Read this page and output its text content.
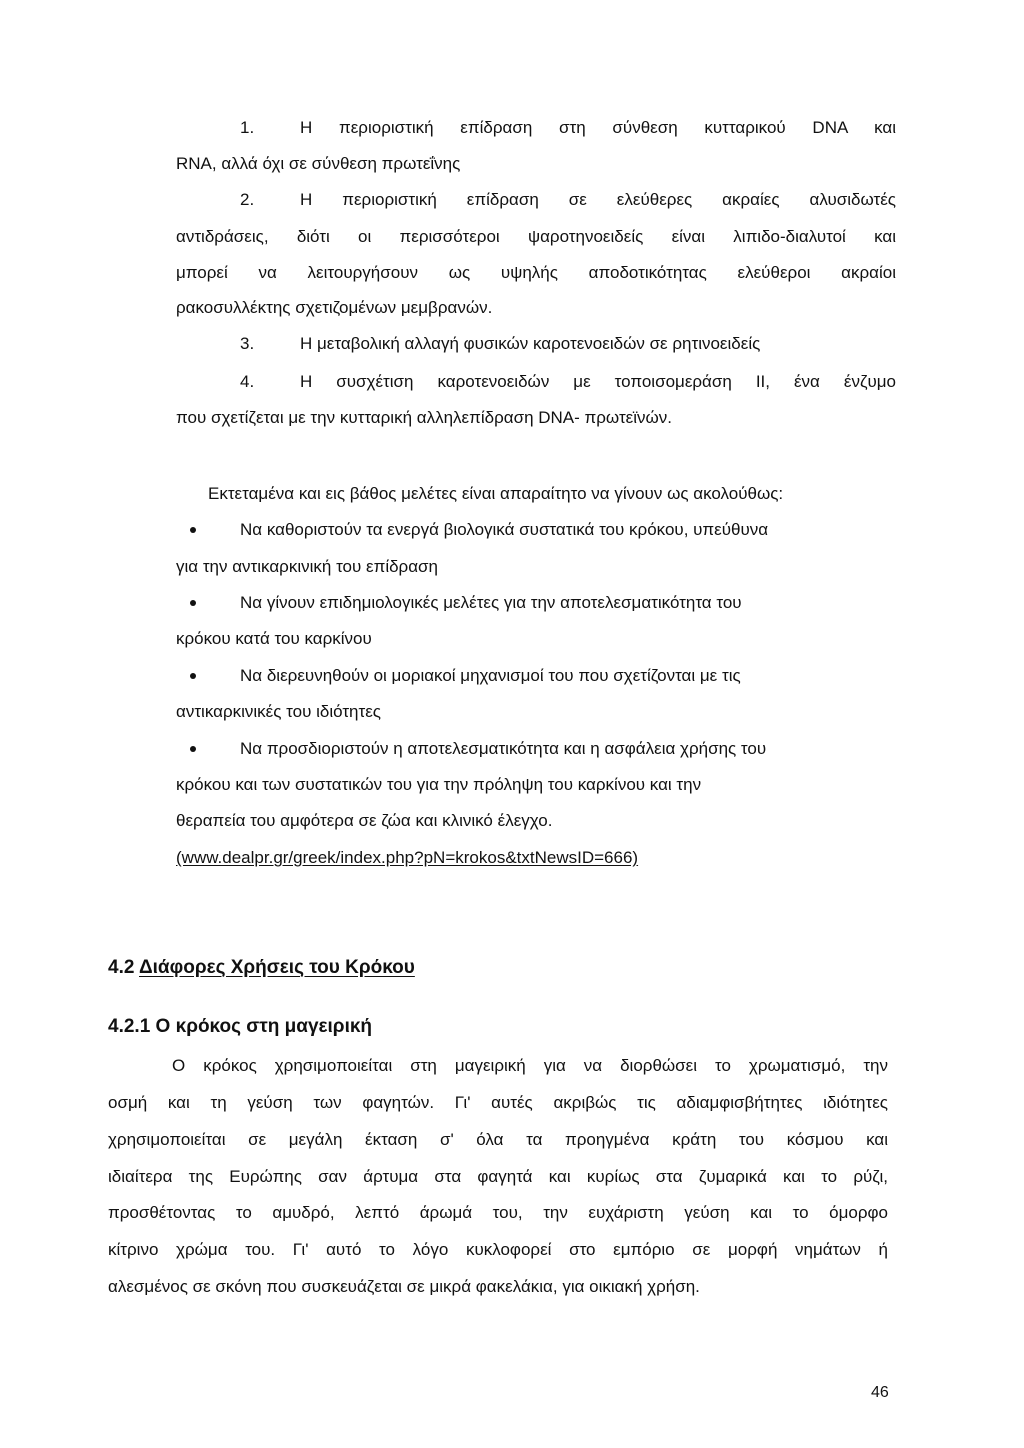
1.	Η περιοριστική επίδραση στη σύνθεση κυτταρικού DNA και
RNA, αλλά όχι σε σύνθεση πρωτεΐνης
2.	Η περιοριστική επίδραση σε ελεύθερες ακραίες αλυσιδωτές
αντιδράσεις, διότι οι περισσότεροι ψαροτηνοειδείς είναι λιπιδο-διαλυτοί και
μπορεί να λειτουργήσουν ως υψηλής αποδοτικότητας ελεύθεροι ακραίοι
ρακοσυλλέκτης σχετιζομένων μεμβρανών.
3.	Η μεταβολική αλλαγή φυσικών καροτενοειδών σε ρητινοειδείς
4.	Η συσχέτιση καροτενοειδών με τοποισομεράση ΙΙ, ένα ένζυμο
που σχετίζεται με την κυτταρική αλληλεπίδραση DNA- πρωτεϊνών.
Εκτεταμένα και εις βάθος μελέτες είναι απαραίτητο να γίνουν ως ακολούθως:
Να καθοριστούν τα ενεργά βιολογικά συστατικά του κρόκου, υπεύθυνα
για την αντικαρκινική του επίδραση
Να γίνουν επιδημιολογικές μελέτες για την αποτελεσματικότητα του
κρόκου κατά του καρκίνου
Να διερευνηθούν οι μοριακοί μηχανισμοί του που σχετίζονται με τις
αντικαρκινικές του ιδιότητες
Να προσδιοριστούν η αποτελεσματικότητα και η ασφάλεια χρήσης του
κρόκου και των συστατικών του για την πρόληψη του καρκίνου και την
θεραπεία του αμφότερα σε ζώα και κλινικό έλεγχο.
(www.dealpr.gr/greek/index.php?pN=krokos&txtNewsID=666)
4.2 Διάφορες Χρήσεις του Κρόκου
4.2.1 Ο κρόκος στη μαγειρική
Ο κρόκος χρησιμοποιείται στη μαγειρική για να διορθώσει το χρωματισμό, την
οσμή και τη γεύση των φαγητών. Γι' αυτές ακριβώς τις αδιαμφισβήτητες ιδιότητες
χρησιμοποιείται σε μεγάλη έκταση σ' όλα τα προηγμένα κράτη του κόσμου και
ιδιαίτερα της Ευρώπης σαν άρτυμα στα φαγητά και κυρίως στα ζυμαρικά και το ρύζι,
προσθέτοντας το αμυδρό, λεπτό άρωμά του, την ευχάριστη γεύση και το όμορφο
κίτρινο χρώμα του. Γι' αυτό το λόγο κυκλοφορεί στο εμπόριο σε μορφή νημάτων ή
αλεσμένος σε σκόνη που συσκευάζεται σε μικρά φακελάκια, για οικιακή χρήση.
46
